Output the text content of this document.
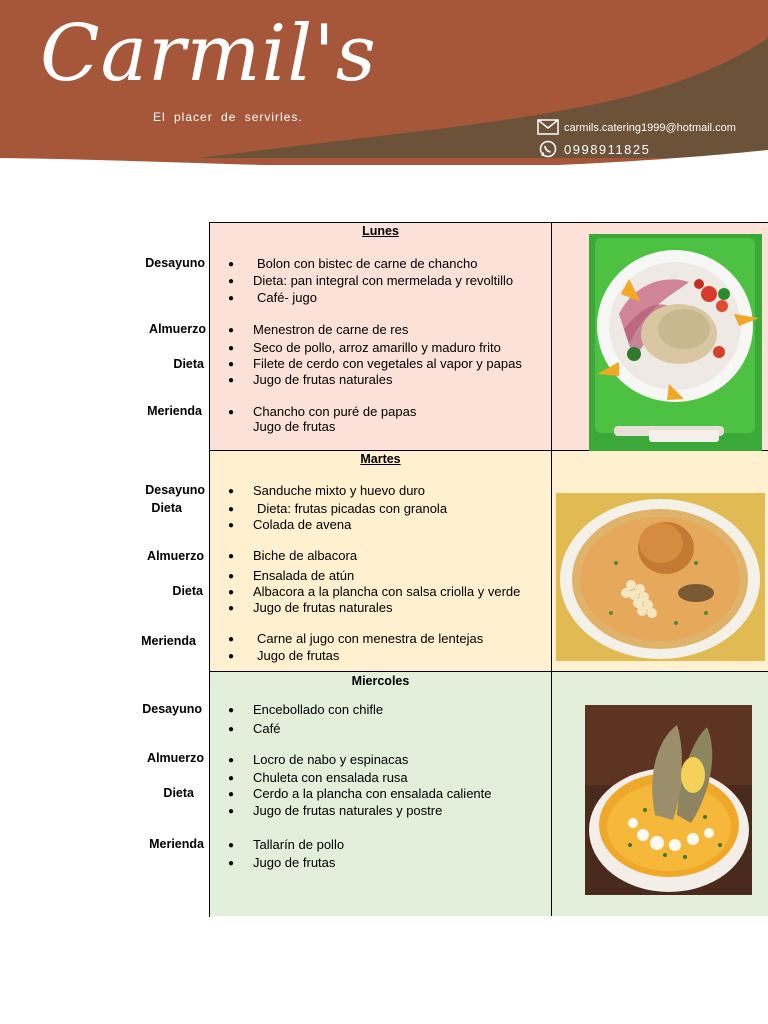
Carmil's
El placer de servirles.
carmils.catering1999@hotmail.com
0998911825
Desayuno
Almuerzo
Dieta
Merienda
Desayuno
Dieta
Almuerzo
Dieta
Merienda
Desayuno
Almuerzo
Dieta
Merienda
Lunes
● Bolon con bistec de carne de chancho
● Dieta: pan integral con mermelada y revoltillo
● Café- jugo
● Menestron de carne de res
● Seco de pollo, arroz amarillo y maduro frito
● Filete de cerdo con vegetales al vapor y papas
● Jugo de frutas naturales
● Chancho con puré de papas
Jugo de frutas
Martes
● Sanduche mixto y huevo duro
● Dieta: frutas picadas con granola
● Colada de avena
● Biche de albacora
● Ensalada de atún
● Albacora a la plancha con salsa criolla y verde
● Jugo de frutas naturales
● Carne al jugo con menestra de lentejas
● Jugo de frutas
Miercoles
● Encebollado con chifle
● Café
● Locro de nabo y espinacas
● Chuleta con ensalada rusa
● Cerdo a la plancha con ensalada caliente
● Jugo de frutas naturales y postre
● Tallarín de pollo
● Jugo de frutas
